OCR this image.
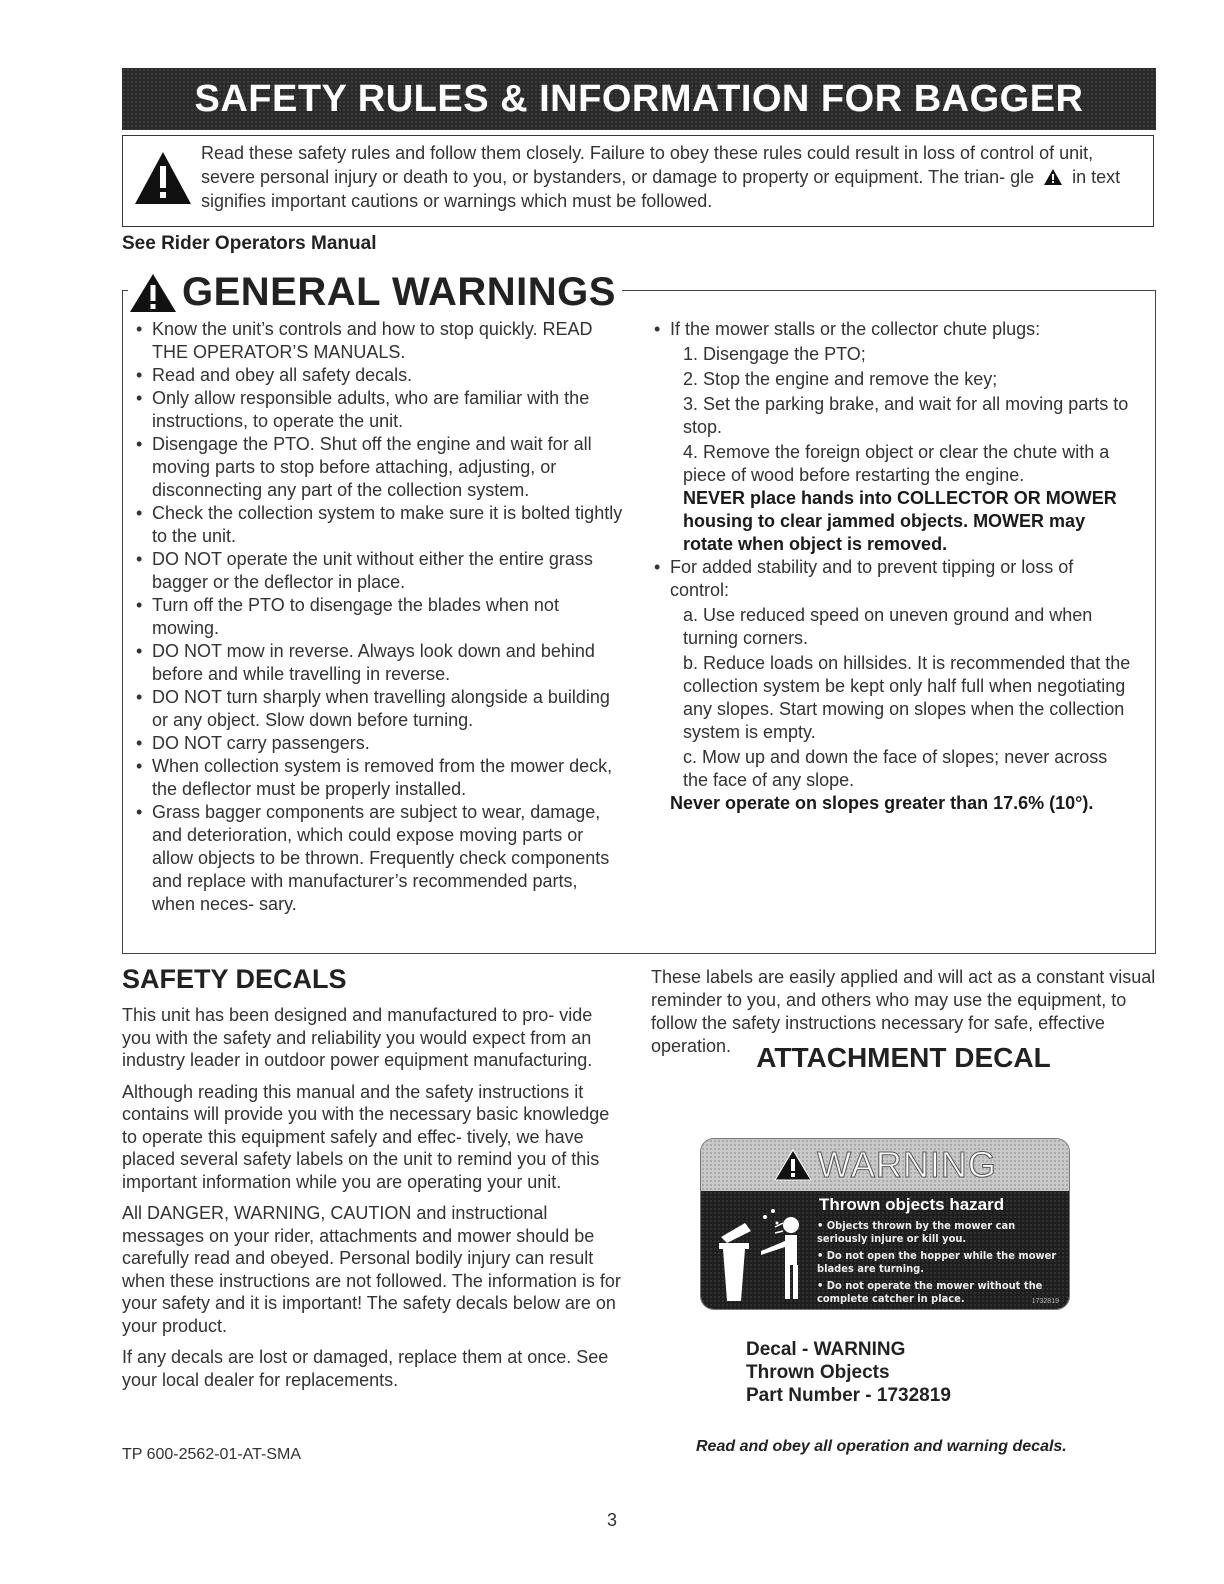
SAFETY RULES & INFORMATION FOR BAGGER
Read these safety rules and follow them closely. Failure to obey these rules could result in loss of control of unit, severe personal injury or death to you, or bystanders, or damage to property or equipment. The trian- gle in text signifies important cautions or warnings which must be followed.
See Rider Operators Manual
GENERAL WARNINGS
• Know the unit’s controls and how to stop quickly. READ THE OPERATOR’S MANUALS.
• Read and obey all safety decals.
• Only allow responsible adults, who are familiar with the instructions, to operate the unit.
• Disengage the PTO. Shut off the engine and wait for all moving parts to stop before attaching, adjusting, or disconnecting any part of the collection system.
• Check the collection system to make sure it is bolted tightly to the unit.
• DO NOT operate the unit without either the entire grass bagger or the deflector in place.
• Turn off the PTO to disengage the blades when not mowing.
• DO NOT mow in reverse. Always look down and behind before and while travelling in reverse.
• DO NOT turn sharply when travelling alongside a building or any object. Slow down before turning.
• DO NOT carry passengers.
• When collection system is removed from the mower deck, the deflector must be properly installed.
• Grass bagger components are subject to wear, damage, and deterioration, which could expose moving parts or allow objects to be thrown. Frequently check components and replace with manufacturer’s recommended parts, when neces- sary.
• If the mower stalls or the collector chute plugs:
1. Disengage the PTO;
2. Stop the engine and remove the key;
3. Set the parking brake, and wait for all moving parts to stop.
4. Remove the foreign object or clear the chute with a piece of wood before restarting the engine.
NEVER place hands into COLLECTOR OR MOWER housing to clear jammed objects. MOWER may rotate when object is removed.
• For added stability and to prevent tipping or loss of control:
a. Use reduced speed on uneven ground and when turning corners.
b. Reduce loads on hillsides. It is recommended that the collection system be kept only half full when negotiating any slopes. Start mowing on slopes when the collection system is empty.
c. Mow up and down the face of slopes; never across the face of any slope.
Never operate on slopes greater than 17.6% (10°).
SAFETY DECALS

This unit has been designed and manufactured to pro- vide you with the safety and reliability you would expect from an industry leader in outdoor power equipment manufacturing.

Although reading this manual and the safety instructions it contains will provide you with the necessary basic knowledge to operate this equipment safely and effec- tively, we have placed several safety labels on the unit to remind you of this important information while you are operating your unit.

All DANGER, WARNING, CAUTION and instructional messages on your rider, attachments and mower should be carefully read and obeyed. Personal bodily injury can result when these instructions are not followed. The information is for your safety and it is important! The safety decals below are on your product.

If any decals are lost or damaged, replace them at once. See your local dealer for replacements.

TP 600-2562-01-AT-SMA
These labels are easily applied and will act as a constant visual reminder to you, and others who may use the equipment, to follow the safety instructions necessary for safe, effective operation. ATTACHMENT DECAL
WARNING
Thrown objects hazard
• Objects thrown by the mower can seriously injure or kill you.
• Do not open the hopper while the mower blades are turning.
• Do not operate the mower without the complete catcher in place.	1732819
Decal - WARNING
Thrown Objects
Part Number - 1732819
Read and obey all operation and warning decals.
3
